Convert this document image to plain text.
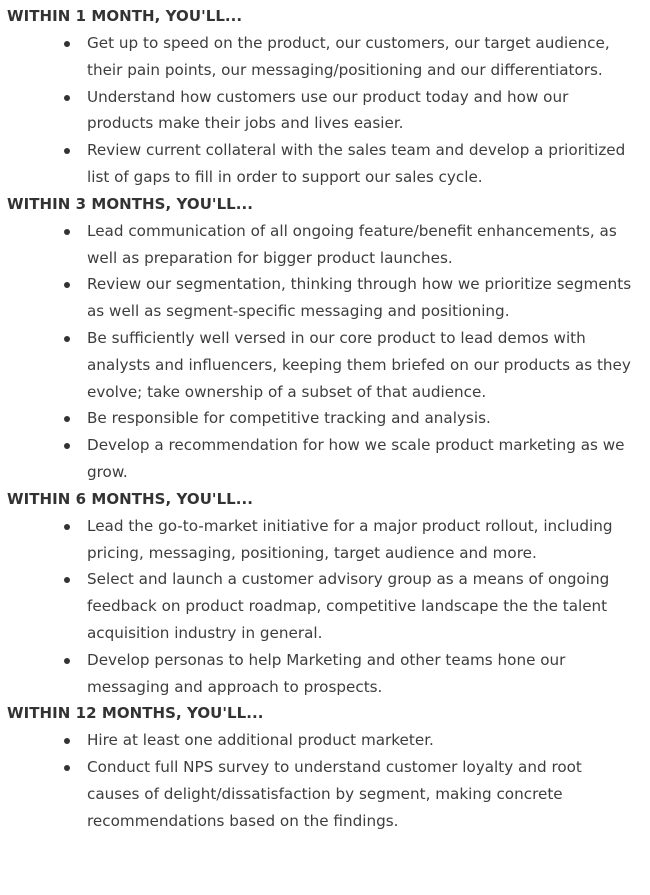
WITHIN 1 MONTH, YOU'LL...
Get up to speed on the product, our customers, our target audience, their pain points, our messaging/positioning and our differentiators.
Understand how customers use our product today and how our products make their jobs and lives easier.
Review current collateral with the sales team and develop a prioritized list of gaps to fill in order to support our sales cycle.
WITHIN 3 MONTHS, YOU'LL...
Lead communication of all ongoing feature/benefit enhancements, as well as preparation for bigger product launches.
Review our segmentation, thinking through how we prioritize segments as well as segment-specific messaging and positioning.
Be sufficiently well versed in our core product to lead demos with analysts and influencers, keeping them briefed on our products as they evolve; take ownership of a subset of that audience.
Be responsible for competitive tracking and analysis.
Develop a recommendation for how we scale product marketing as we grow.
WITHIN 6 MONTHS, YOU'LL...
Lead the go-to-market initiative for a major product rollout, including pricing, messaging, positioning, target audience and more.
Select and launch a customer advisory group as a means of ongoing feedback on product roadmap, competitive landscape the the talent acquisition industry in general.
Develop personas to help Marketing and other teams hone our messaging and approach to prospects.
WITHIN 12 MONTHS, YOU'LL...
Hire at least one additional product marketer.
Conduct full NPS survey to understand customer loyalty and root causes of delight/dissatisfaction by segment, making concrete recommendations based on the findings.
